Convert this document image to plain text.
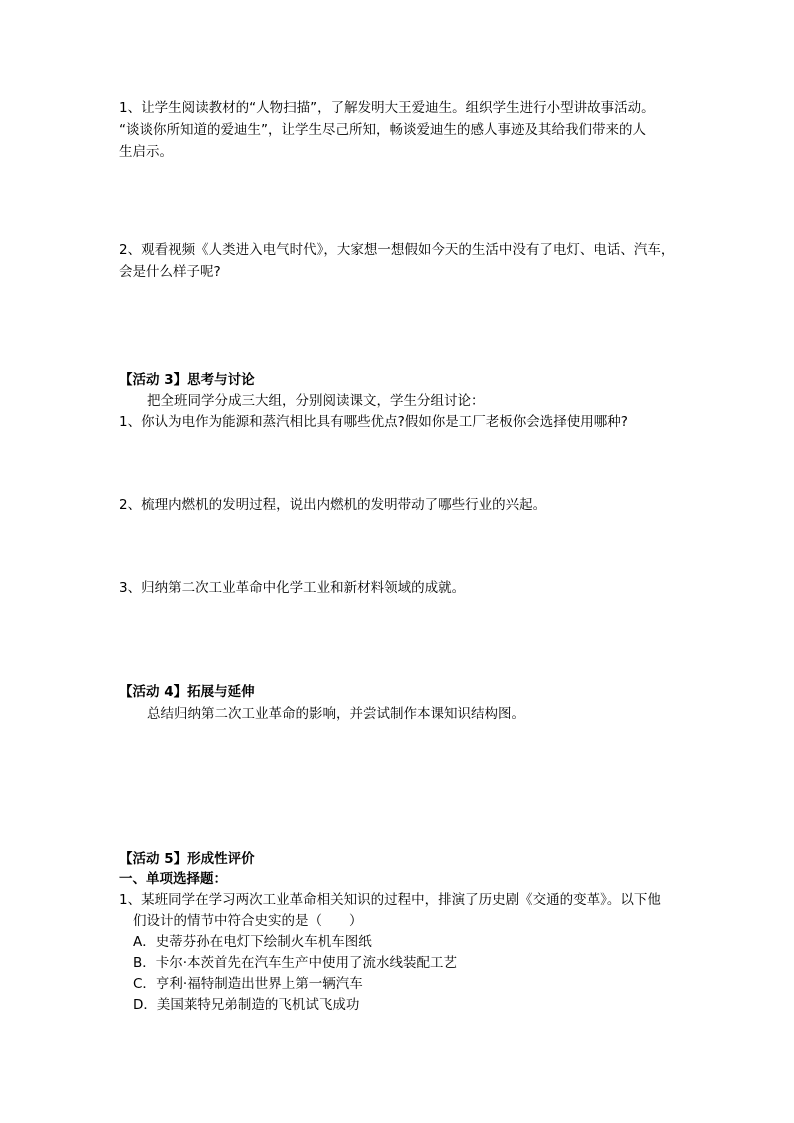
1、让学生阅读教材的“人物扫描”，了解发明大王爱迪生。组织学生进行小型讲故事活动。

“谈谈你所知道的爱迪生”，让学生尽己所知，畅谈爱迪生的感人事迹及其给我们带来的人

生启示。

2、观看视频《人类进入电气时代》，大家想一想假如今天的生活中没有了电灯、电话、汽车，

会是什么样子呢?

【活动 3】思考与讨论

把全班同学分成三大组，分别阅读课文，学生分组讨论：

1、你认为电作为能源和蒸汽相比具有哪些优点?假如你是工厂老板你会选择使用哪种?

2、梳理内燃机的发明过程，说出内燃机的发明带动了哪些行业的兴起。

3、归纳第二次工业革命中化学工业和新材料领域的成就。

【活动 4】拓展与延伸

总结归纳第二次工业革命的影响，并尝试制作本课知识结构图。

【活动 5】形成性评价

一、单项选择题：

1、某班同学在学习两次工业革命相关知识的过程中，排演了历史剧《交通的变革》。以下他

们设计的情节中符合史实的是（　　）

A．史蒂芬孙在电灯下绘制火车机车图纸

B．卡尔·本茨首先在汽车生产中使用了流水线装配工艺

C．亨利·福特制造出世界上第一辆汽车

D．美国莱特兄弟制造的飞机试飞成功
